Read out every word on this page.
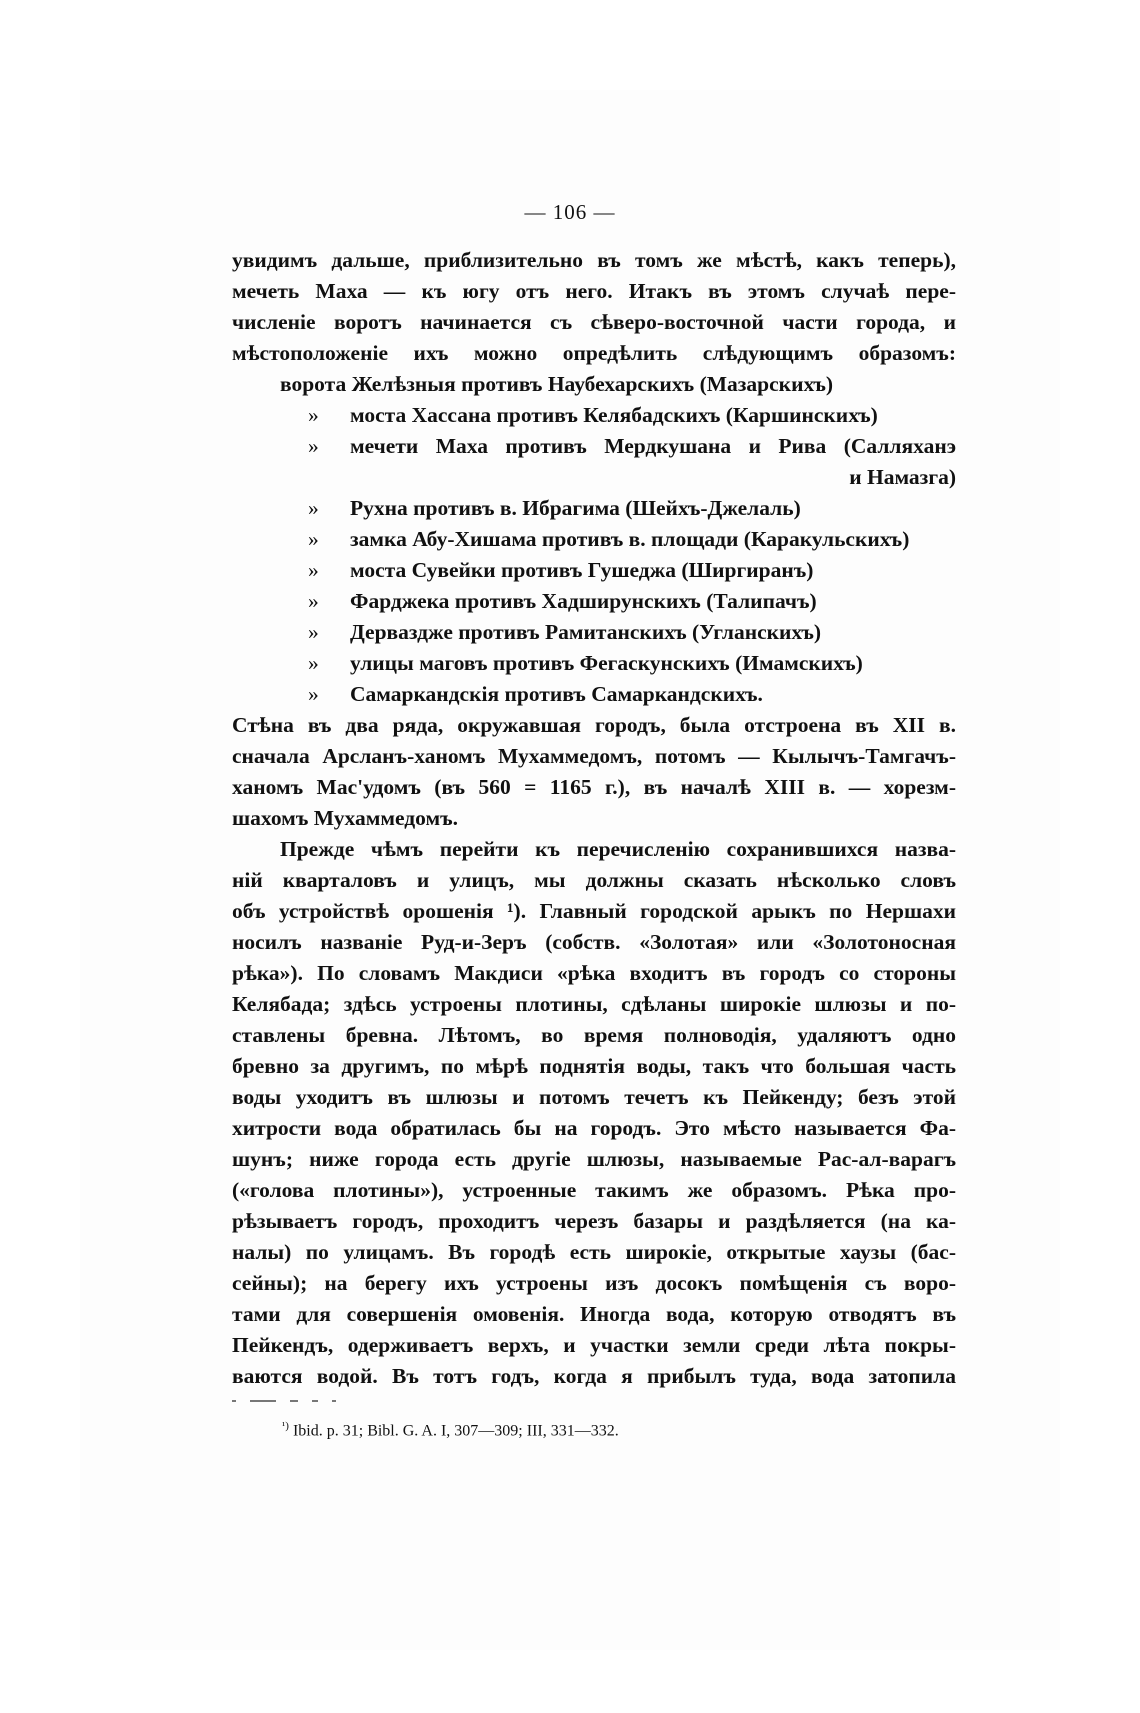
— 106 —
увидимъ дальше, приблизительно въ томъ же мѣстѣ, какъ теперь),
мечеть Маха — къ югу отъ него. Итакъ въ этомъ случаѣ пере-
численіе воротъ начинается съ сѣверо-восточной части города, и
мѣстоположеніе ихъ можно опредѣлить слѣдующимъ образомъ:
ворота Желѣзныя противъ Наубехарскихъ (Мазарскихъ)
»	моста Хассана противъ Келябадскихъ (Каршинскихъ)
»	мечети Маха противъ Мердкушана и Рива (Салляханэ
и Намазга)
»	Рухна противъ в. Ибрагима (Шейхъ-Джелаль)
»	замка Абу-Хишама противъ в. площади (Каракульскихъ)
»	моста Сувейки противъ Гушеджа (Ширгиранъ)
»	Фарджека противъ Хадширунскихъ (Талипачъ)
»	Дерваздже противъ Рамитанскихъ (Угланскихъ)
»	улицы маговъ противъ Фегаскунскихъ (Имамскихъ)
»	Самаркандскія противъ Самаркандскихъ.
Стѣна въ два ряда, окружавшая городъ, была отстроена въ XII в.
сначала Арсланъ-ханомъ Мухаммедомъ, потомъ — Кылычъ-Тамгачъ-
ханомъ Мас'удомъ (въ 560 = 1165 г.), въ началѣ XIII в. — хорезм-
шахомъ Мухаммедомъ.
Прежде чѣмъ перейти къ перечисленію сохранившихся назва-
ній кварталовъ и улицъ, мы должны сказать нѣсколько словъ
объ устройствѣ орошенія ¹). Главный городской арыкъ по Нершахи
носилъ названіе Руд-и-Зеръ (собств. «Золотая» или «Золотоносная
рѣка»). По словамъ Макдиси «рѣка входитъ въ городъ со стороны
Келябада; здѣсь устроены плотины, сдѣланы широкіе шлюзы и по-
ставлены бревна. Лѣтомъ, во время полноводія, удаляютъ одно
бревно за другимъ, по мѣрѣ поднятія воды, такъ что большая часть
воды уходитъ въ шлюзы и потомъ течетъ къ Пейкенду; безъ этой
хитрости вода обратилась бы на городъ. Это мѣсто называется Фа-
шунъ; ниже города есть другіе шлюзы, называемые Рас-ал-варагъ
(«голова плотины»), устроенные такимъ же образомъ. Рѣка про-
рѣзываетъ городъ, проходитъ черезъ базары и раздѣляется (на ка-
налы) по улицамъ. Въ городѣ есть широкіе, открытые хаузы (бас-
сейны); на берегу ихъ устроены изъ досокъ помѣщенія съ воро-
тами для совершенія омовенія. Иногда вода, которую отводятъ въ
Пейкендъ, одерживаетъ верхъ, и участки земли среди лѣта покры-
ваются водой. Въ тотъ годъ, когда я прибылъ туда, вода затопила
$^{^1)}$ Ibid. p. 31; Bibl. G. A. I, 307—309; III, 331—332.
